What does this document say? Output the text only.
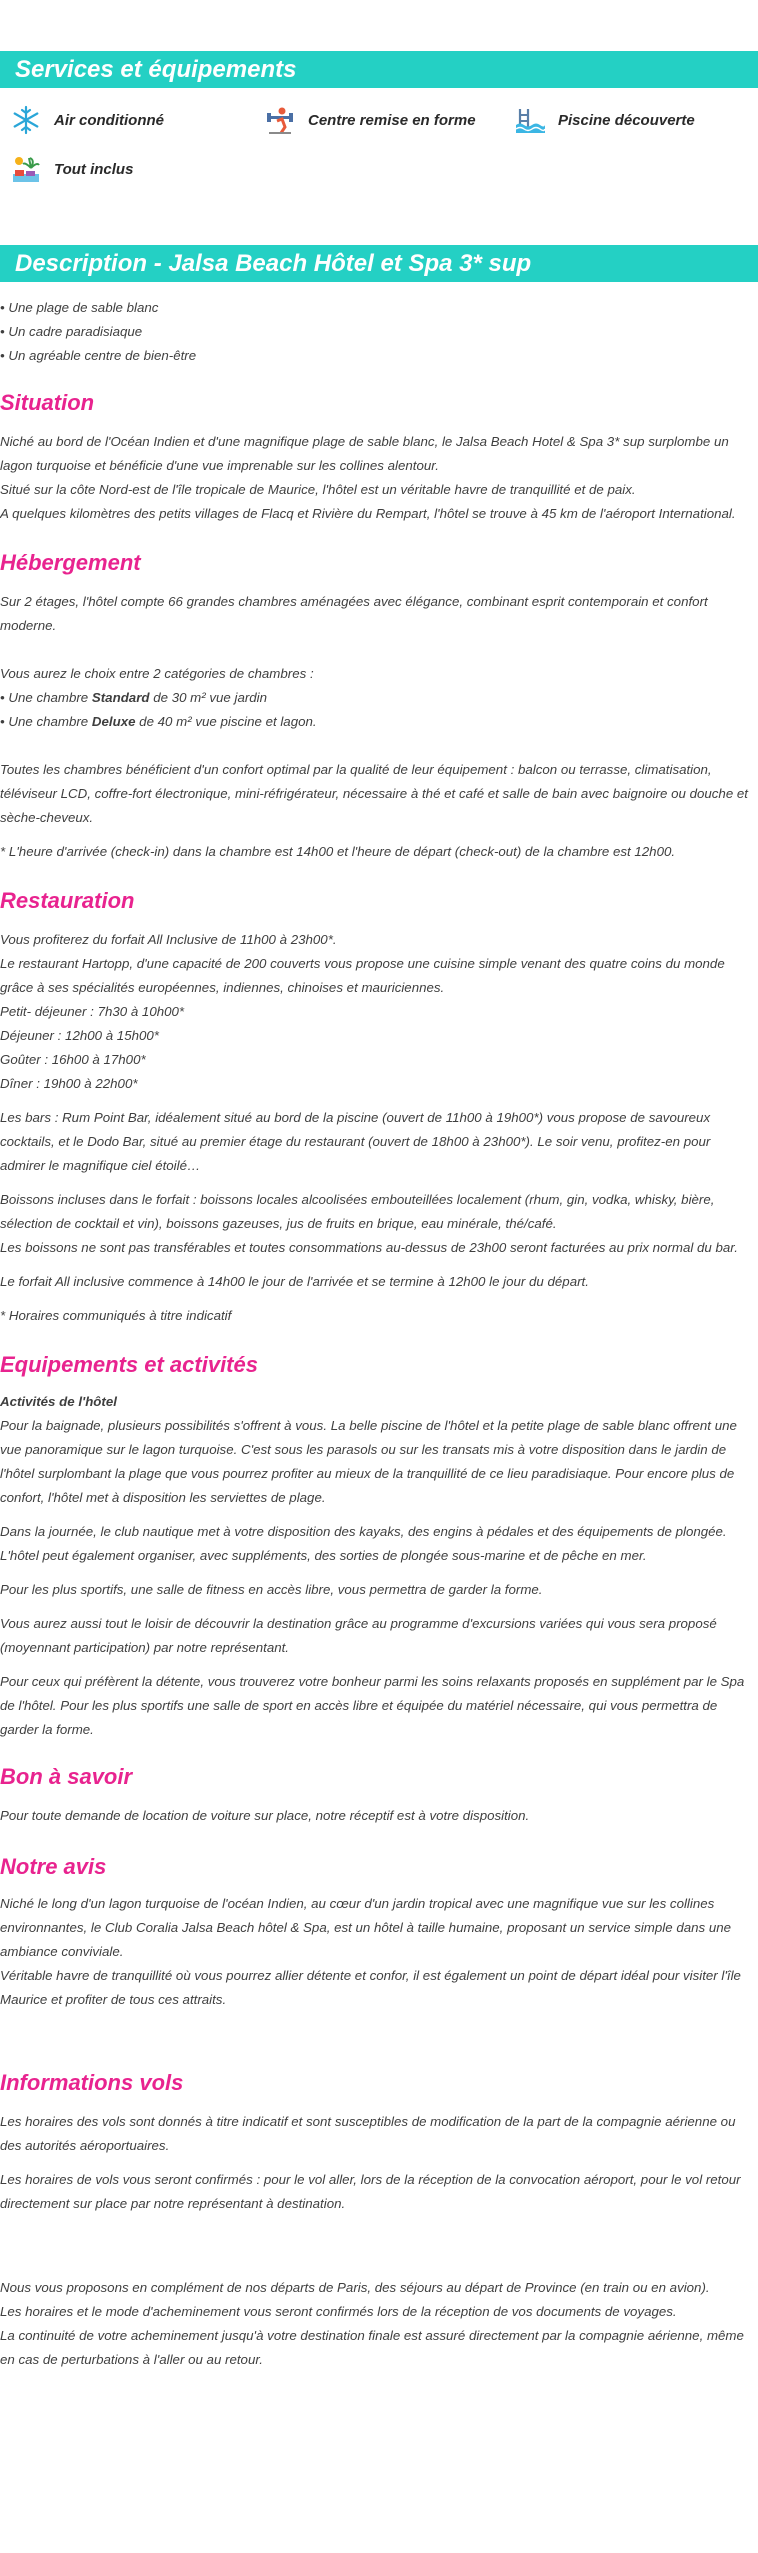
Services et équipements
Air conditionné	Centre remise en forme	Piscine découverte
Tout inclus
Description - Jalsa Beach Hôtel et Spa 3* sup
• Une plage de sable blanc
• Un cadre paradisiaque
• Un agréable centre de bien-être
Situation

Niché au bord de l'Océan Indien et d'une magnifique plage de sable blanc, le Jalsa Beach Hotel & Spa 3* sup surplombe un lagon turquoise et bénéficie d'une vue imprenable sur les collines alentour.

Situé sur la côte Nord-est de l'île tropicale de Maurice, l'hôtel est un véritable havre de tranquillité et de paix.

A quelques kilomètres des petits villages de Flacq et Rivière du Rempart, l'hôtel se trouve à 45 km de l'aéroport International.

Hébergement

Sur 2 étages, l'hôtel compte 66 grandes chambres aménagées avec élégance, combinant esprit contemporain et confort moderne.

Vous aurez le choix entre 2 catégories de chambres :

• Une chambre Standard de 30 m² vue jardin

• Une chambre Deluxe de 40 m² vue piscine et lagon.

Toutes les chambres bénéficient d'un confort optimal par la qualité de leur équipement : balcon ou terrasse, climatisation, téléviseur LCD, coffre-fort électronique, mini-réfrigérateur, nécessaire à thé et café et salle de bain avec baignoire ou douche et sèche-cheveux.

* L'heure d'arrivée (check-in) dans la chambre est 14h00 et l'heure de départ (check-out) de la chambre est 12h00.

Restauration

Vous profiterez du forfait All Inclusive de 11h00 à 23h00*.

Le restaurant Hartopp, d'une capacité de 200 couverts vous propose une cuisine simple venant des quatre coins du monde grâce à ses spécialités européennes, indiennes, chinoises et mauriciennes.

Petit- déjeuner : 7h30 à 10h00*

Déjeuner : 12h00 à 15h00*

Goûter : 16h00 à 17h00*

Dîner : 19h00 à 22h00*

Les bars : Rum Point Bar, idéalement situé au bord de la piscine (ouvert de 11h00 à 19h00*) vous propose de savoureux cocktails, et le Dodo Bar, situé au premier étage du restaurant (ouvert de 18h00 à 23h00*). Le soir venu, profitez-en pour admirer le magnifique ciel étoilé…

Boissons incluses dans le forfait : boissons locales alcoolisées embouteillées localement (rhum, gin, vodka, whisky, bière, sélection de cocktail et vin), boissons gazeuses, jus de fruits en brique, eau minérale, thé/café.

Les boissons ne sont pas transférables et toutes consommations au-dessus de 23h00 seront facturées au prix normal du bar.

Le forfait All inclusive commence à 14h00 le jour de l'arrivée et se termine à 12h00 le jour du départ.

* Horaires communiqués à titre indicatif

Equipements et activités

Activités de l'hôtel

Pour la baignade, plusieurs possibilités s'offrent à vous. La belle piscine de l'hôtel et la petite plage de sable blanc offrent une vue panoramique sur le lagon turquoise. C'est sous les parasols ou sur les transats mis à votre disposition dans le jardin de l'hôtel surplombant la plage que vous pourrez profiter au mieux de la tranquillité de ce lieu paradisiaque. Pour encore plus de confort, l'hôtel met à disposition les serviettes de plage.

Dans la journée, le club nautique met à votre disposition des kayaks, des engins à pédales et des équipements de plongée. L'hôtel peut également organiser, avec suppléments, des sorties de plongée sous-marine et de pêche en mer.

Pour les plus sportifs, une salle de fitness en accès libre, vous permettra de garder la forme.

Vous aurez aussi tout le loisir de découvrir la destination grâce au programme d'excursions variées qui vous sera proposé (moyennant participation) par notre représentant.

Pour ceux qui préfèrent la détente, vous trouverez votre bonheur parmi les soins relaxants proposés en supplément par le Spa de l'hôtel. Pour les plus sportifs une salle de sport en accès libre et équipée du matériel nécessaire, qui vous permettra de garder la forme.

Bon à savoir

Pour toute demande de location de voiture sur place, notre réceptif est à votre disposition.

Notre avis

Niché le long d'un lagon turquoise de l'océan Indien, au cœur d'un jardin tropical avec une magnifique vue sur les collines environnantes, le Club Coralia Jalsa Beach hôtel & Spa, est un hôtel à taille humaine, proposant un service simple dans une ambiance conviviale.

Véritable havre de tranquillité où vous pourrez allier détente et confor, il est également un point de départ idéal pour visiter l'île Maurice et profiter de tous ces attraits.

Informations vols

Les horaires des vols sont donnés à titre indicatif et sont susceptibles de modification de la part de la compagnie aérienne ou des autorités aéroportuaires.

Les horaires de vols vous seront confirmés : pour le vol aller, lors de la réception de la convocation aéroport, pour le vol retour directement sur place par notre représentant à destination.

Nous vous proposons en complément de nos départs de Paris, des séjours au départ de Province (en train ou en avion).

Les horaires et le mode d'acheminement vous seront confirmés lors de la réception de vos documents de voyages.

La continuité de votre acheminement jusqu'à votre destination finale est assuré directement par la compagnie aérienne, même en cas de perturbations à l'aller ou au retour.
